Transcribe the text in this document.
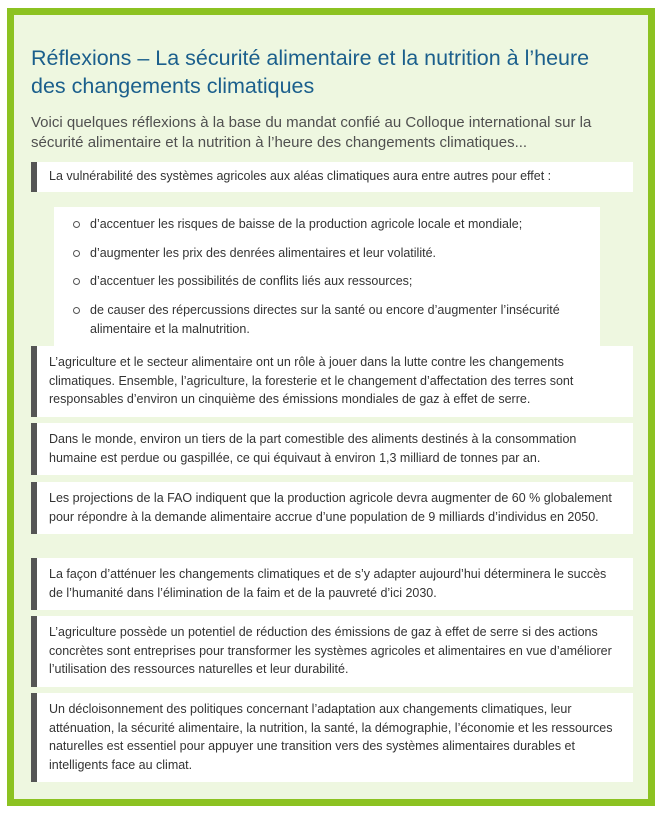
Réflexions – La sécurité alimentaire et la nutrition à l’heure des changements climatiques

Voici quelques réflexions à la base du mandat confié au Colloque international sur la sécurité alimentaire et la nutrition à l’heure des changements climatiques...

La vulnérabilité des systèmes agricoles aux aléas climatiques aura entre autres pour effet :

d’accentuer les risques de baisse de la production agricole locale et mondiale;
d’augmenter les prix des denrées alimentaires et leur volatilité.
d’accentuer les possibilités de conflits liés aux ressources;
de causer des répercussions directes sur la santé ou encore d’augmenter l’insécurité alimentaire et la malnutrition.

L’agriculture et le secteur alimentaire ont un rôle à jouer dans la lutte contre les changements climatiques. Ensemble, l’agriculture, la foresterie et le changement d’affectation des terres sont responsables d’environ un cinquième des émissions mondiales de gaz à effet de serre.

Dans le monde, environ un tiers de la part comestible des aliments destinés à la consommation humaine est perdue ou gaspillée, ce qui équivaut à environ 1,3 milliard de tonnes par an.

Les projections de la FAO indiquent que la production agricole devra augmenter de 60 % globalement pour répondre à la demande alimentaire accrue d’une population de 9 milliards d’individus en 2050.

La façon d’atténuer les changements climatiques et de s’y adapter aujourd’hui déterminera le succès de l’humanité dans l’élimination de la faim et de la pauvreté d’ici 2030.

L’agriculture possède un potentiel de réduction des émissions de gaz à effet de serre si des actions concrètes sont entreprises pour transformer les systèmes agricoles et alimentaires en vue d’améliorer l’utilisation des ressources naturelles et leur durabilité.

Un décloisonnement des politiques concernant l’adaptation aux changements climatiques, leur atténuation, la sécurité alimentaire, la nutrition, la santé, la démographie, l’économie et les ressources naturelles est essentiel pour appuyer une transition vers des systèmes alimentaires durables et intelligents face au climat.
